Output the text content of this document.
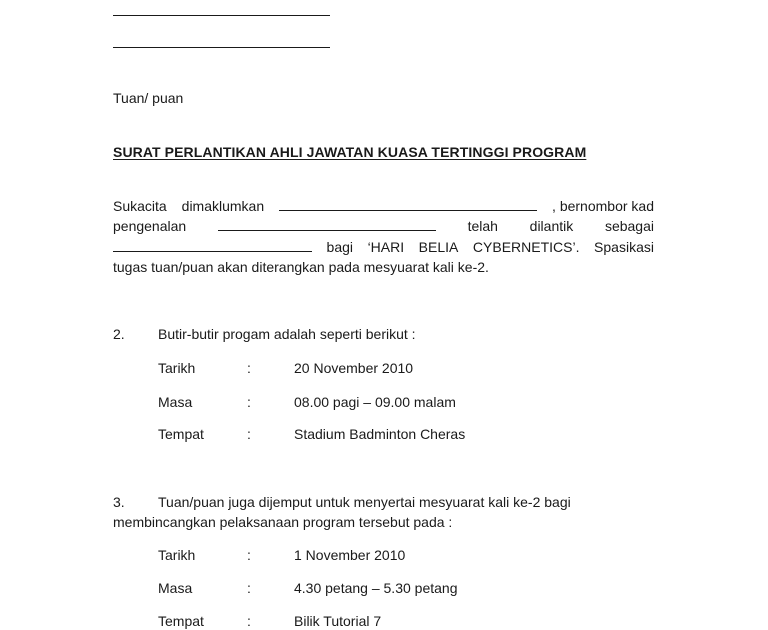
Tuan/ puan
SURAT PERLANTIKAN AHLI JAWATAN KUASA TERTINGGI PROGRAM
Sukacita dimaklumkan	, bernombor kad
pengenalan	telah dilantik sebagai
bagi ‘HARI BELIA CYBERNETICS’. Spasikasi
tugas tuan/puan akan diterangkan pada mesyuarat kali ke-2.
2. Butir-butir progam adalah seperti berikut :
Tarikh	:	20 November 2010
Masa	:	08.00 pagi – 09.00 malam
Tempat	:	Stadium Badminton Cheras
3. Tuan/puan juga dijemput untuk menyertai mesyuarat kali ke-2 bagi
membincangkan pelaksanaan program tersebut pada :
Tarikh	:	1 November 2010
Masa	:	4.30 petang – 5.30 petang
Tempat	:	Bilik Tutorial 7
